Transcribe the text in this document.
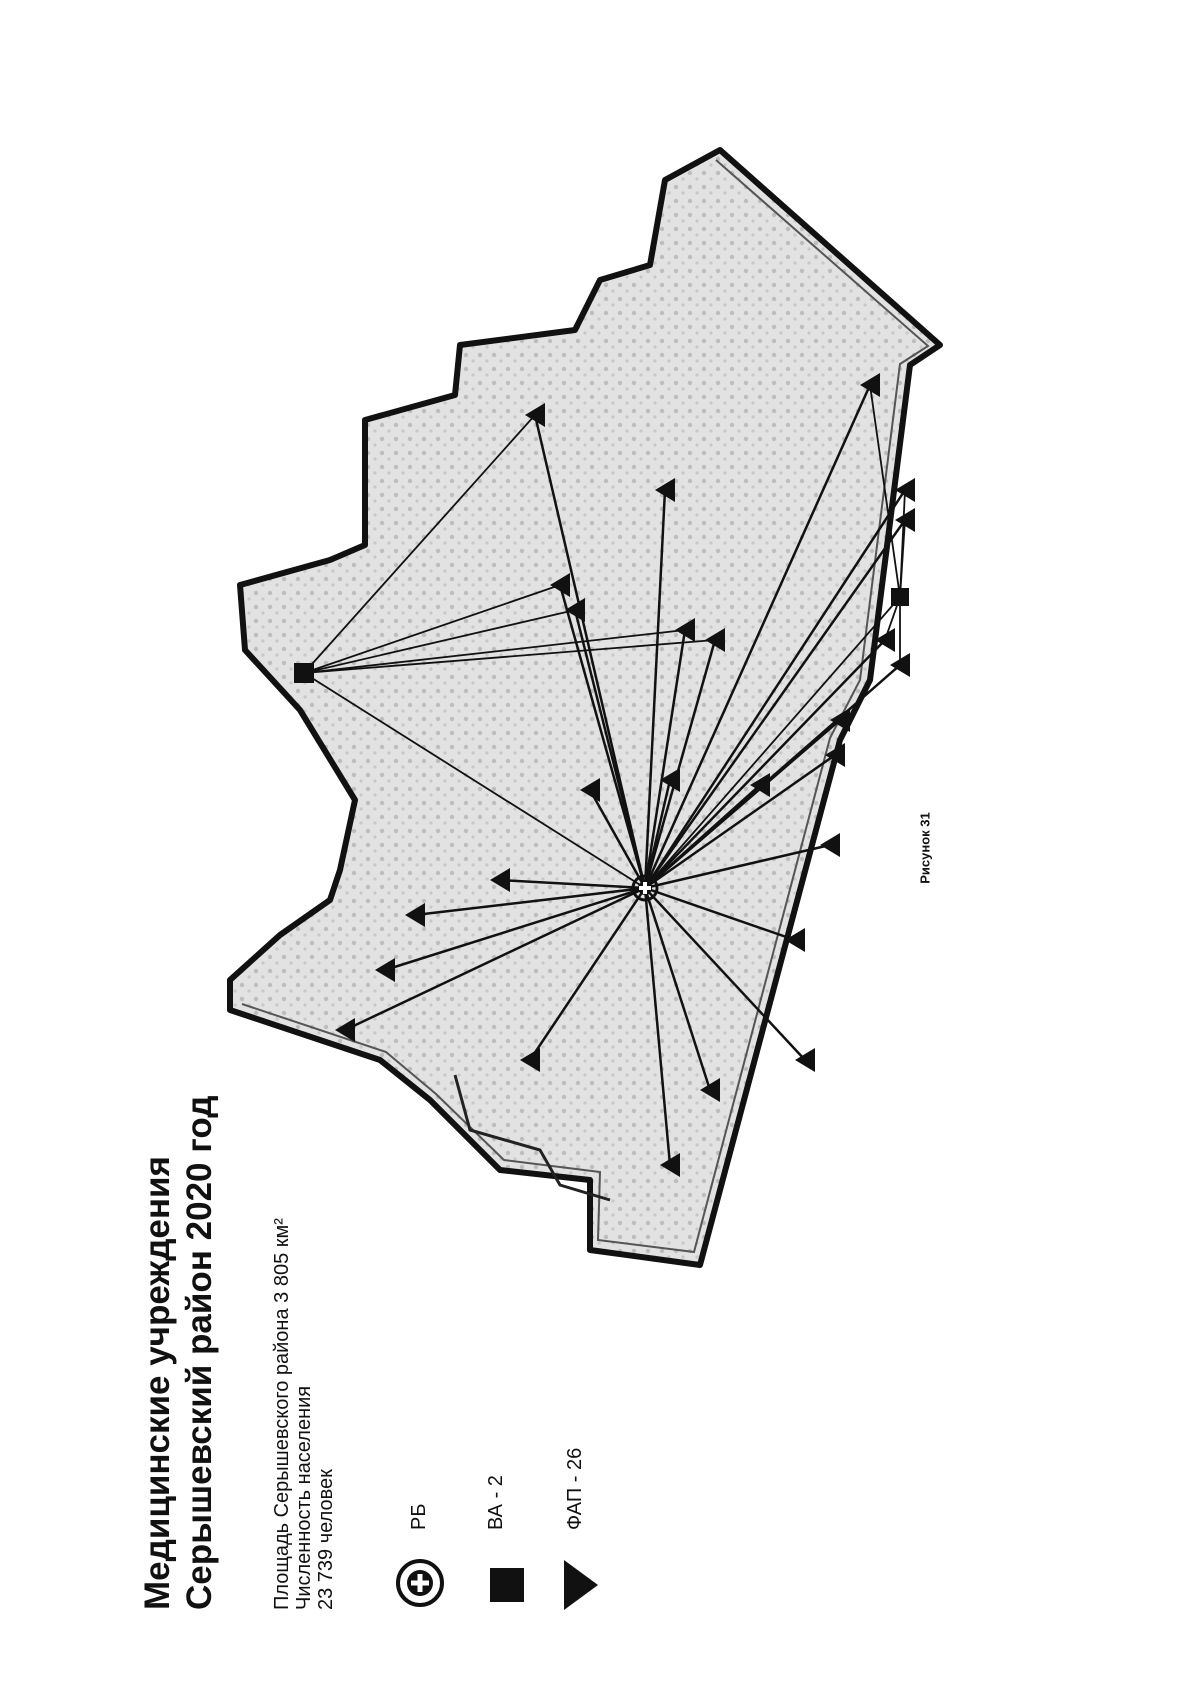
Медицинские учреждения Серышевский район 2020 год	Площадь Серышевского района 3 805 км² Численность населения 23 739 человек	РБ	ВА - 2	ФАП - 26
Рисунок 31
